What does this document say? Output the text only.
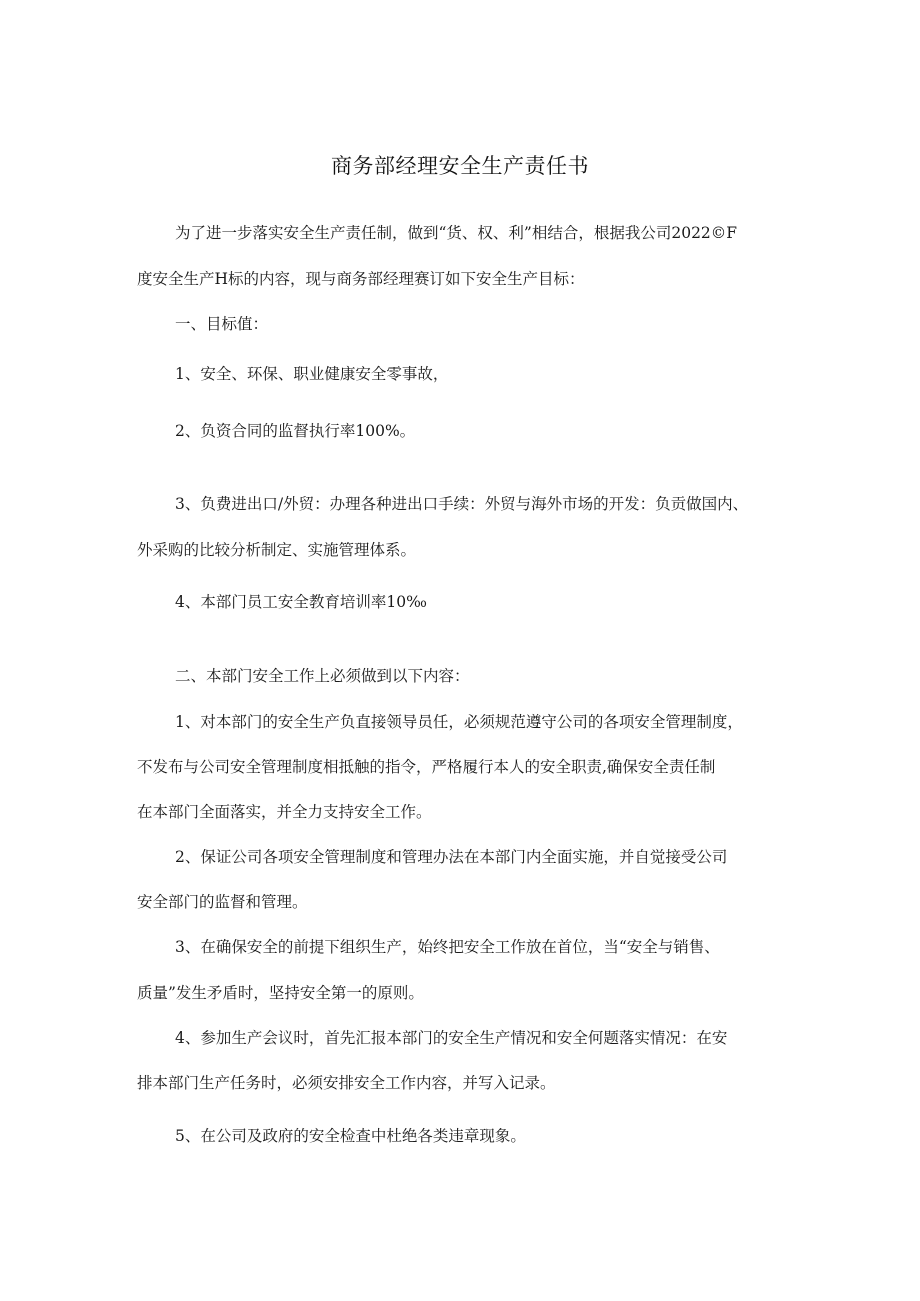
商务部经理安全生产责任书
为了进一步落实安全生产责任制，做到“货、权、利”相结合，根据我公司2022©F
度安全生产H标的内容，现与商务部经理赛订如下安全生产目标：
一、目标值：
1、安全、环保、职业健康安全零事故，
2、负资合同的监督执行率100%。
3、负费进出口/外贸：办理各种进出口手续：外贸与海外市场的开发：负贡做国内、
外采购的比较分析制定、实施管理体系。
4、本部门员工安全教育培训率10‰
二、本部门安全工作上必须做到以下内容：
1、对本部门的安全生产负直接领导员任，必须规范遵守公司的各项安全管理制度，
不发布与公司安全管理制度相抵触的指令，严格履行本人的安全职责,确保安全责任制
在本部门全面落实，并全力支持安全工作。
2、保证公司各项安全管理制度和管理办法在本部门内全面实施，并自觉接受公司
安全部门的监督和管理。
3、在确保安全的前提下组织生产，始终把安全工作放在首位，当“安全与销售、
质量”发生矛盾时，坚持安全第一的原则。
4、参加生产会议时，首先汇报本部门的安全生产情况和安全何题落实情况：在安
排本部门生产任务时，必须安排安全工作内容，并写入记录。
5、在公司及政府的安全检查中杜绝各类违章现象。
